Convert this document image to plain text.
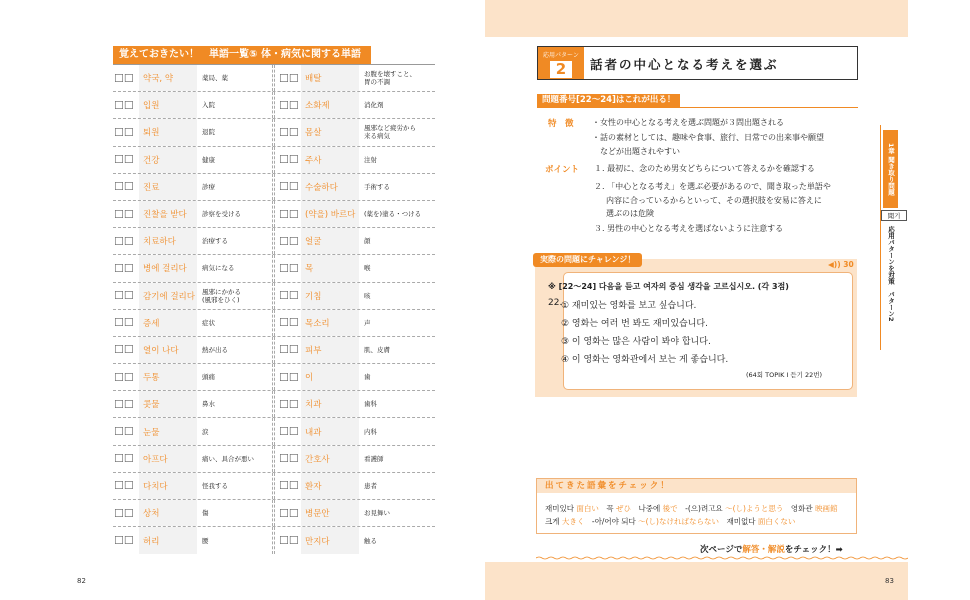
覚えておきたい！　単語一覧⑤ 体・病気に関する単語
☐☐	약국, 약	薬局、薬	☐☐ 배탈	お腹を壊すこと、
胃の不調
☐☐	입원	入院	☐☐ 소화제	消化剤
☐☐	퇴원	退院	☐☐ 몸살	風邪など疲労から
来る病気
☐☐	건강	健康	☐☐ 주사	注射
☐☐	진료	診療	☐☐ 수술하다	手術する
☐☐	진찰을 받다	診察を受ける	☐☐ (약을) 바르다	(薬を)塗る・つける
☐☐	치료하다	治療する	☐☐ 얼굴	顔
☐☐	병에 걸리다	病気になる	☐☐ 목	喉
☐☐	감기에 걸리다	風邪にかかる
(風邪をひく)	☐☐ 기침	咳
☐☐	증세	症状	☐☐ 목소리	声
☐☐	열이 나다	熱が出る	☐☐ 피부	肌、皮膚
☐☐	두통	頭痛	☐☐ 이	歯
☐☐	콧물	鼻水	☐☐ 치과	歯科
☐☐	눈물	涙	☐☐ 내과	内科
☐☐	아프다	痛い、具合が悪い	☐☐ 간호사	看護師
☐☐	다치다	怪我する	☐☐ 환자	患者
☐☐	상처	傷	☐☐ 병문안	お見舞い
☐☐	허리	腰	☐☐ 만지다	触る
82
応用パターン
2	話者の中心となる考えを選ぶ
問題番号[22～24]はこれが出る！
特　徴 ・女性の中心となる考えを選ぶ問題が３問出題される
・話の素材としては、趣味や食事、旅行、日常での出来事や願望
などが出題されやすい
ポイント １. 最初に、念のため男女どちらについて答えるかを確認する
２. 「中心となる考え」を選ぶ必要があるので、聞き取った単語や
内容に合っているからといって、その選択肢を安易に答えに
選ぶのは危険
３. 男性の中心となる考えを選ばないように注意する
実際の問題にチャレンジ！
◀)) 30
※ [22～24] 다음을 듣고 여자의 중심 생각을 고르십시오. (각 3점)
22.
① 재미있는 영화를 보고 싶습니다.
② 영화는 여러 번 봐도 재미있습니다.
③ 이 영화는 많은 사람이 봐야 합니다.
④ 이 영화는 영화관에서 보는 게 좋습니다.
(64회 TOPIK Ⅰ 듣기 22번)
出てきた語彙をチェック！
재미있다 面白い　꼭 ぜひ　나중에 後で　-(으)려고요 ～(し)ようと思う　영화관 映画館
크게 大きく　-아/어야 되다 ～(し)なければならない　재미없다 面白くない
次ページで解答・解説をチェック！➡
1章 聞き取り問題
聞기
応用パターンを対策　パターン2
83
